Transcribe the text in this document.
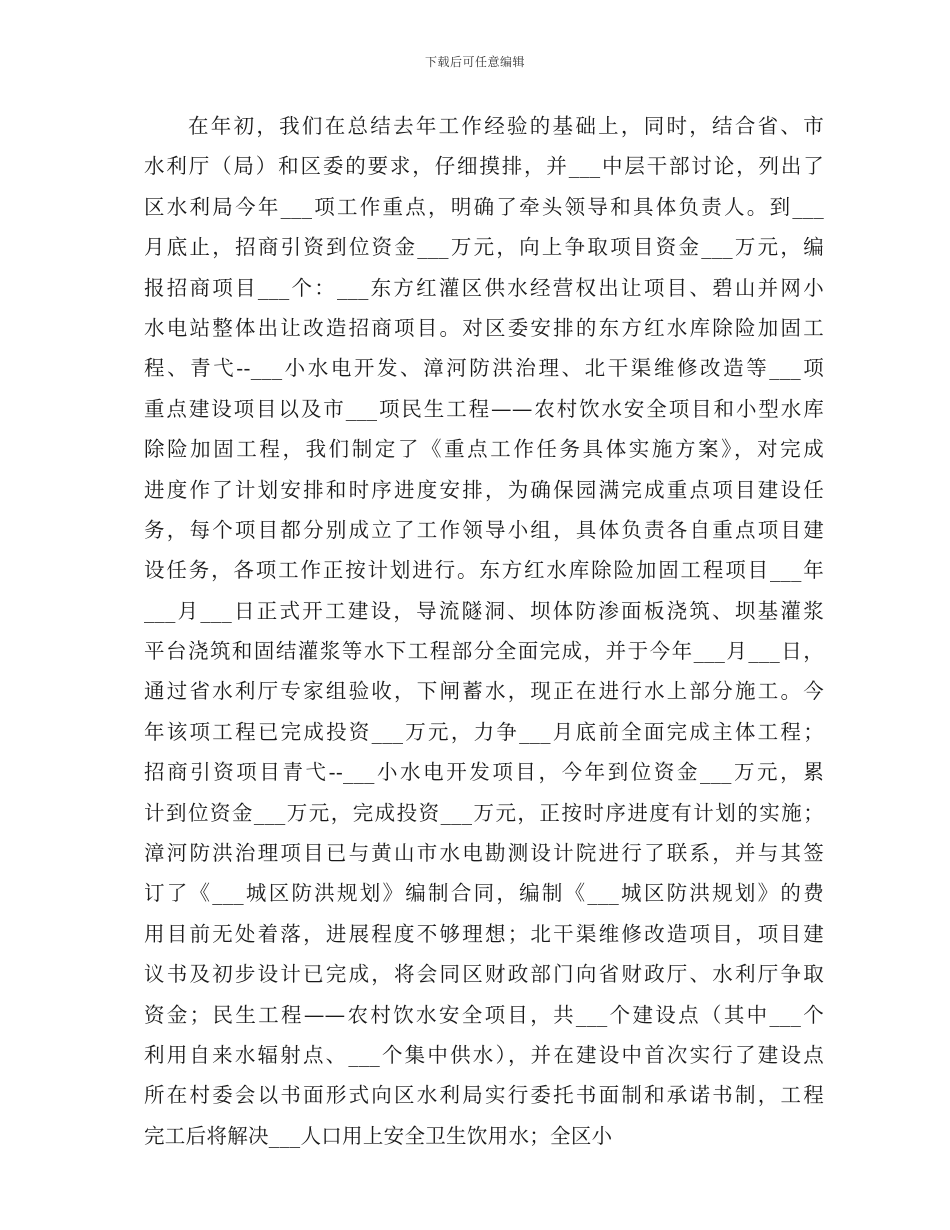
下载后可任意编辑
在年初，我们在总结去年工作经验的基础上，同时，结合省、市
水利厅（局）和区委的要求，仔细摸排，并___中层干部讨论，列出了
区水利局今年___项工作重点，明确了牵头领导和具体负责人。到___
月底止，招商引资到位资金___万元，向上争取项目资金___万元，编
报招商项目___个：___东方红灌区供水经营权出让项目、碧山并网小
水电站整体出让改造招商项目。对区委安排的东方红水库除险加固工
程、青弋--___小水电开发、漳河防洪治理、北干渠维修改造等___项
重点建设项目以及市___项民生工程——农村饮水安全项目和小型水库
除险加固工程，我们制定了《重点工作任务具体实施方案》，对完成
进度作了计划安排和时序进度安排，为确保园满完成重点项目建设任
务，每个项目都分别成立了工作领导小组，具体负责各自重点项目建
设任务，各项工作正按计划进行。东方红水库除险加固工程项目___年
___月___日正式开工建设，导流隧洞、坝体防渗面板浇筑、坝基灌浆
平台浇筑和固结灌浆等水下工程部分全面完成，并于今年___月___日，
通过省水利厅专家组验收，下闸蓄水，现正在进行水上部分施工。今
年该项工程已完成投资___万元，力争___月底前全面完成主体工程；
招商引资项目青弋--___小水电开发项目，今年到位资金___万元，累
计到位资金___万元，完成投资___万元，正按时序进度有计划的实施；
漳河防洪治理项目已与黄山市水电勘测设计院进行了联系，并与其签
订了《___城区防洪规划》编制合同，编制《___城区防洪规划》的费
用目前无处着落，进展程度不够理想；北干渠维修改造项目，项目建
议书及初步设计已完成，将会同区财政部门向省财政厅、水利厅争取
资金；民生工程——农村饮水安全项目，共___个建设点（其中___个
利用自来水辐射点、___个集中供水），并在建设中首次实行了建设点
所在村委会以书面形式向区水利局实行委托书面制和承诺书制，工程
完工后将解决___人口用上安全卫生饮用水；全区小
